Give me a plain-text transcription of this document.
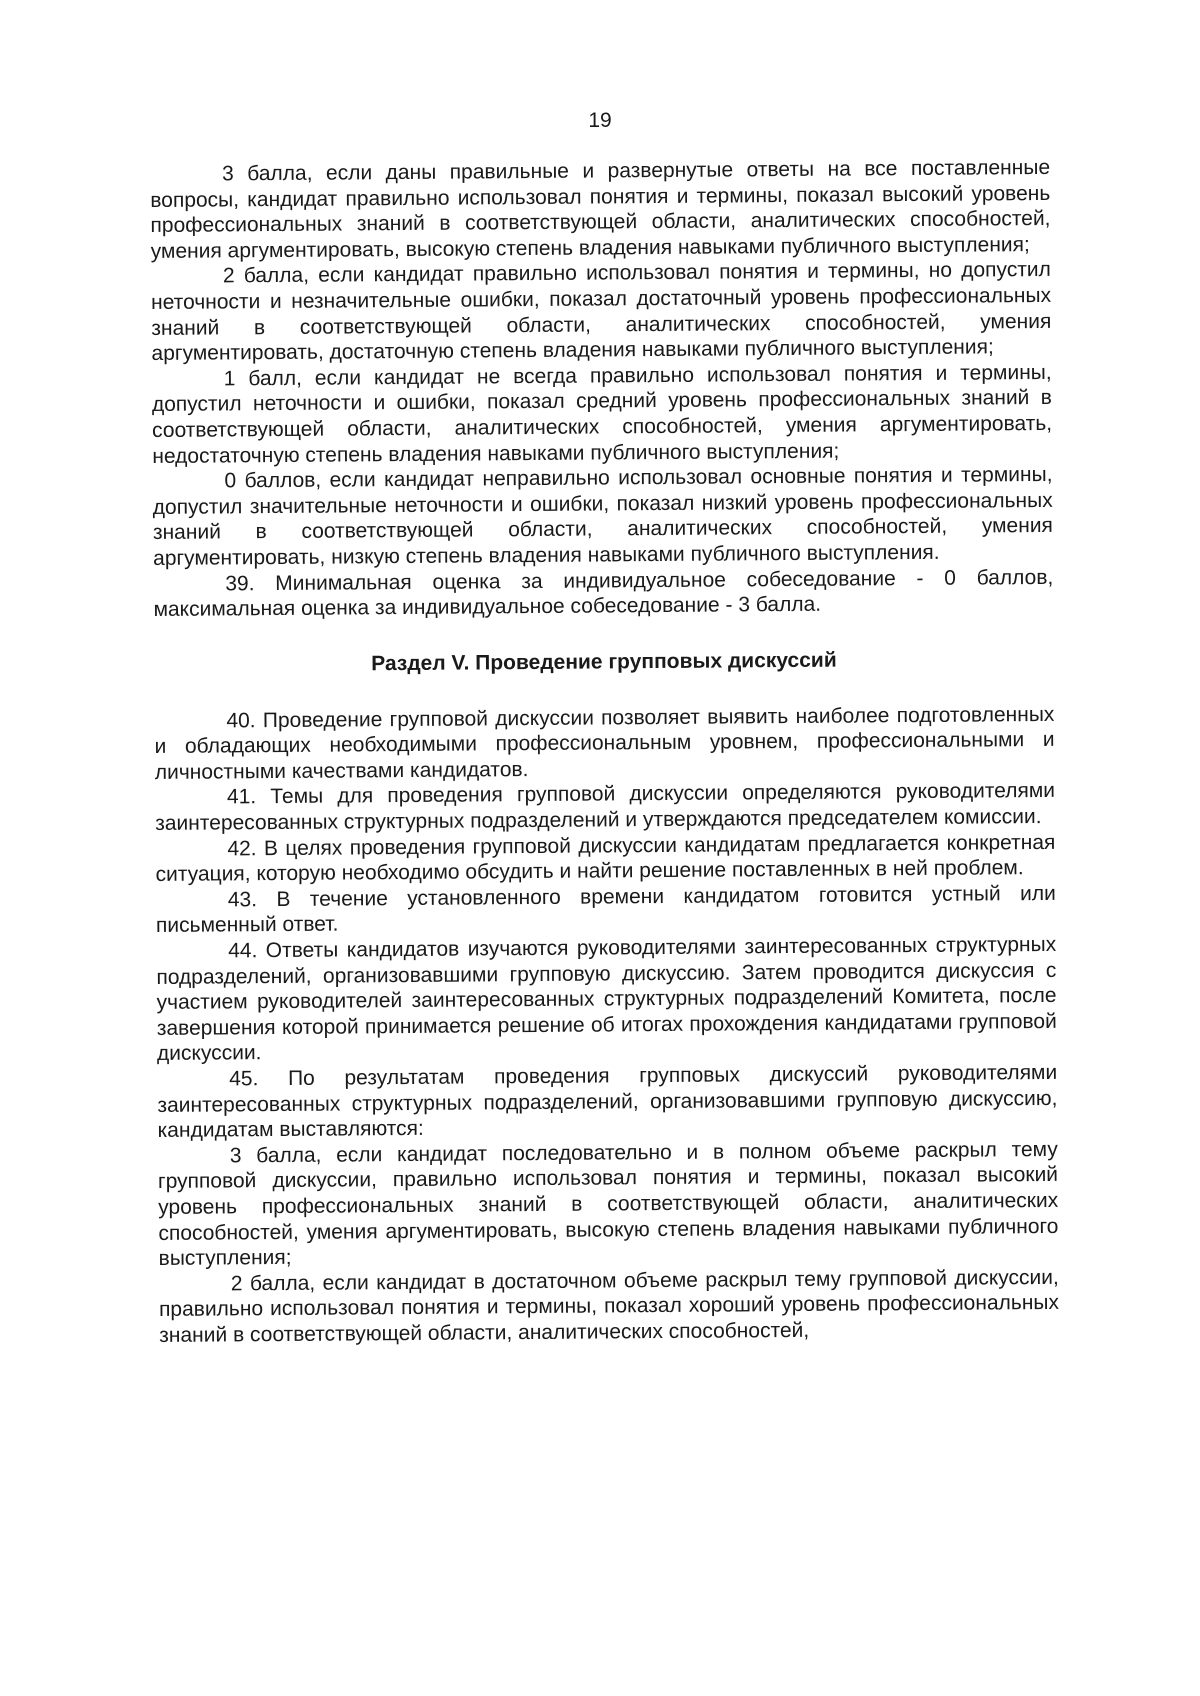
19

3 балла, если даны правильные и развернутые ответы на все поставленные вопросы, кандидат правильно использовал понятия и термины, показал высокий уровень профессиональных знаний в соответствующей области, аналитических способностей, умения аргументировать, высокую степень владения навыками публичного выступления;

2 балла, если кандидат правильно использовал понятия и термины, но допустил неточности и незначительные ошибки, показал достаточный уровень профессиональных знаний в соответствующей области, аналитических способностей, умения аргументировать, достаточную степень владения навыками публичного выступления;

1 балл, если кандидат не всегда правильно использовал понятия и термины, допустил неточности и ошибки, показал средний уровень профессиональных знаний в соответствующей области, аналитических способностей, умения аргументировать, недостаточную степень владения навыками публичного выступления;

0 баллов, если кандидат неправильно использовал основные понятия и термины, допустил значительные неточности и ошибки, показал низкий уровень профессиональных знаний в соответствующей области, аналитических способностей, умения аргументировать, низкую степень владения навыками публичного выступления.

39. Минимальная оценка за индивидуальное собеседование - 0 баллов, максимальная оценка за индивидуальное собеседование - 3 балла.

Раздел V. Проведение групповых дискуссий

40. Проведение групповой дискуссии позволяет выявить наиболее подготовленных и обладающих необходимыми профессиональным уровнем, профессиональными и личностными качествами кандидатов.

41. Темы для проведения групповой дискуссии определяются руководителями заинтересованных структурных подразделений и утверждаются председателем комиссии.

42. В целях проведения групповой дискуссии кандидатам предлагается конкретная ситуация, которую необходимо обсудить и найти решение поставленных в ней проблем.

43. В течение установленного времени кандидатом готовится устный или письменный ответ.

44. Ответы кандидатов изучаются руководителями заинтересованных структурных подразделений, организовавшими групповую дискуссию. Затем проводится дискуссия с участием руководителей заинтересованных структурных подразделений Комитета, после завершения которой принимается решение об итогах прохождения кандидатами групповой дискуссии.

45. По результатам проведения групповых дискуссий руководителями заинтересованных структурных подразделений, организовавшими групповую дискуссию, кандидатам выставляются:

3 балла, если кандидат последовательно и в полном объеме раскрыл тему групповой дискуссии, правильно использовал понятия и термины, показал высокий уровень профессиональных знаний в соответствующей области, аналитических способностей, умения аргументировать, высокую степень владения навыками публичного выступления;

2 балла, если кандидат в достаточном объеме раскрыл тему групповой дискуссии, правильно использовал понятия и термины, показал хороший уровень профессиональных знаний в соответствующей области, аналитических способностей,
